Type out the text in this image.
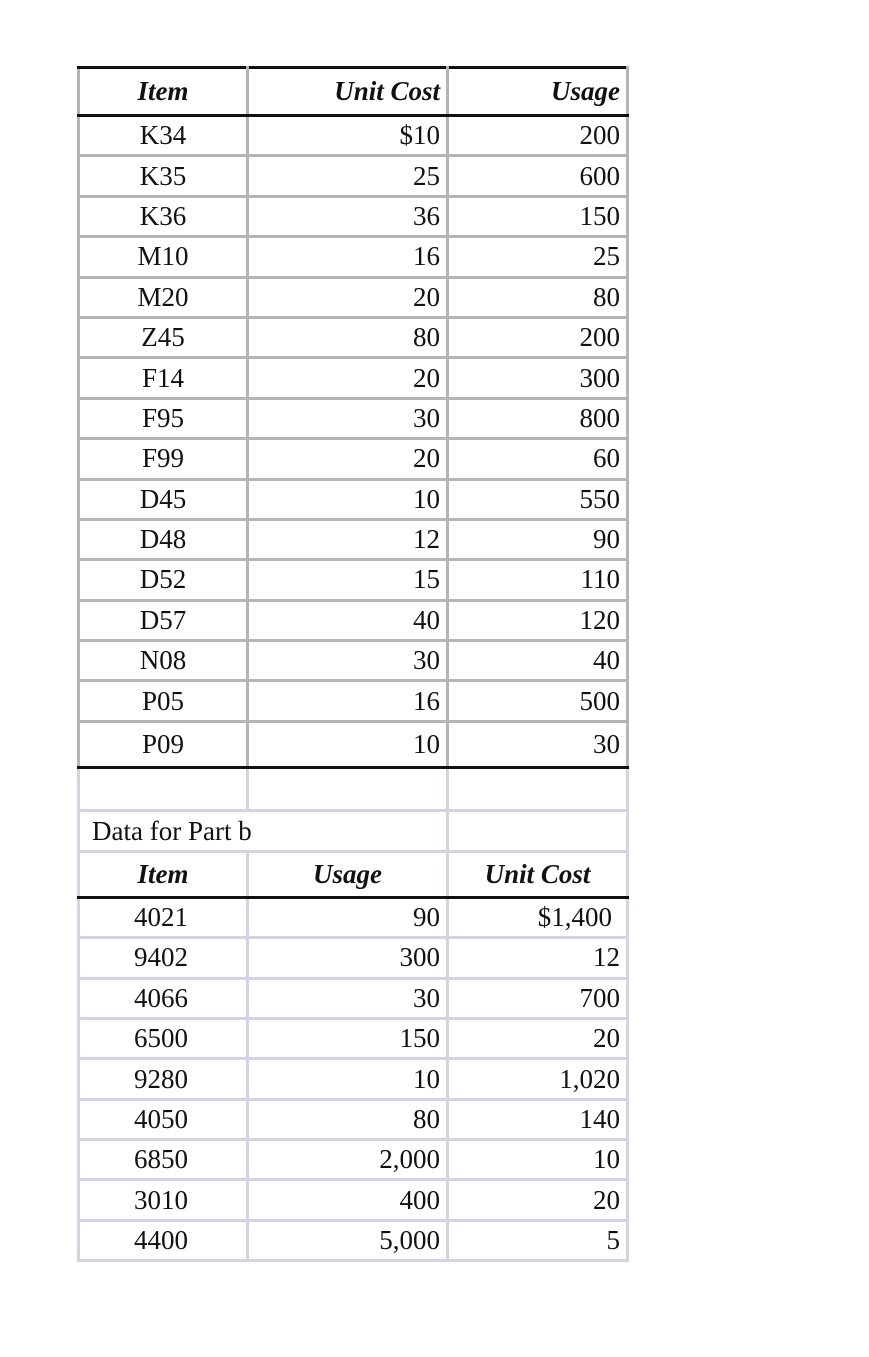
Item	Unit Cost	Usage
K34	$10	200
K35	25	600
K36	36	150
M10	16	25
M20	20	80
Z45	80	200
F14	20	300
F95	30	800
F99	20	60
D45	10	550
D48	12	90
D52	15	110
D57	40	120
N08	30	40
P05	16	500
P09	10	30

Data for Part b		
Item	Usage	Unit Cost
4021	90	$1,400
9402	300	12
4066	30	700
6500	150	20
9280	10	1,020
4050	80	140
6850	2,000	10
3010	400	20
4400	5,000	5
